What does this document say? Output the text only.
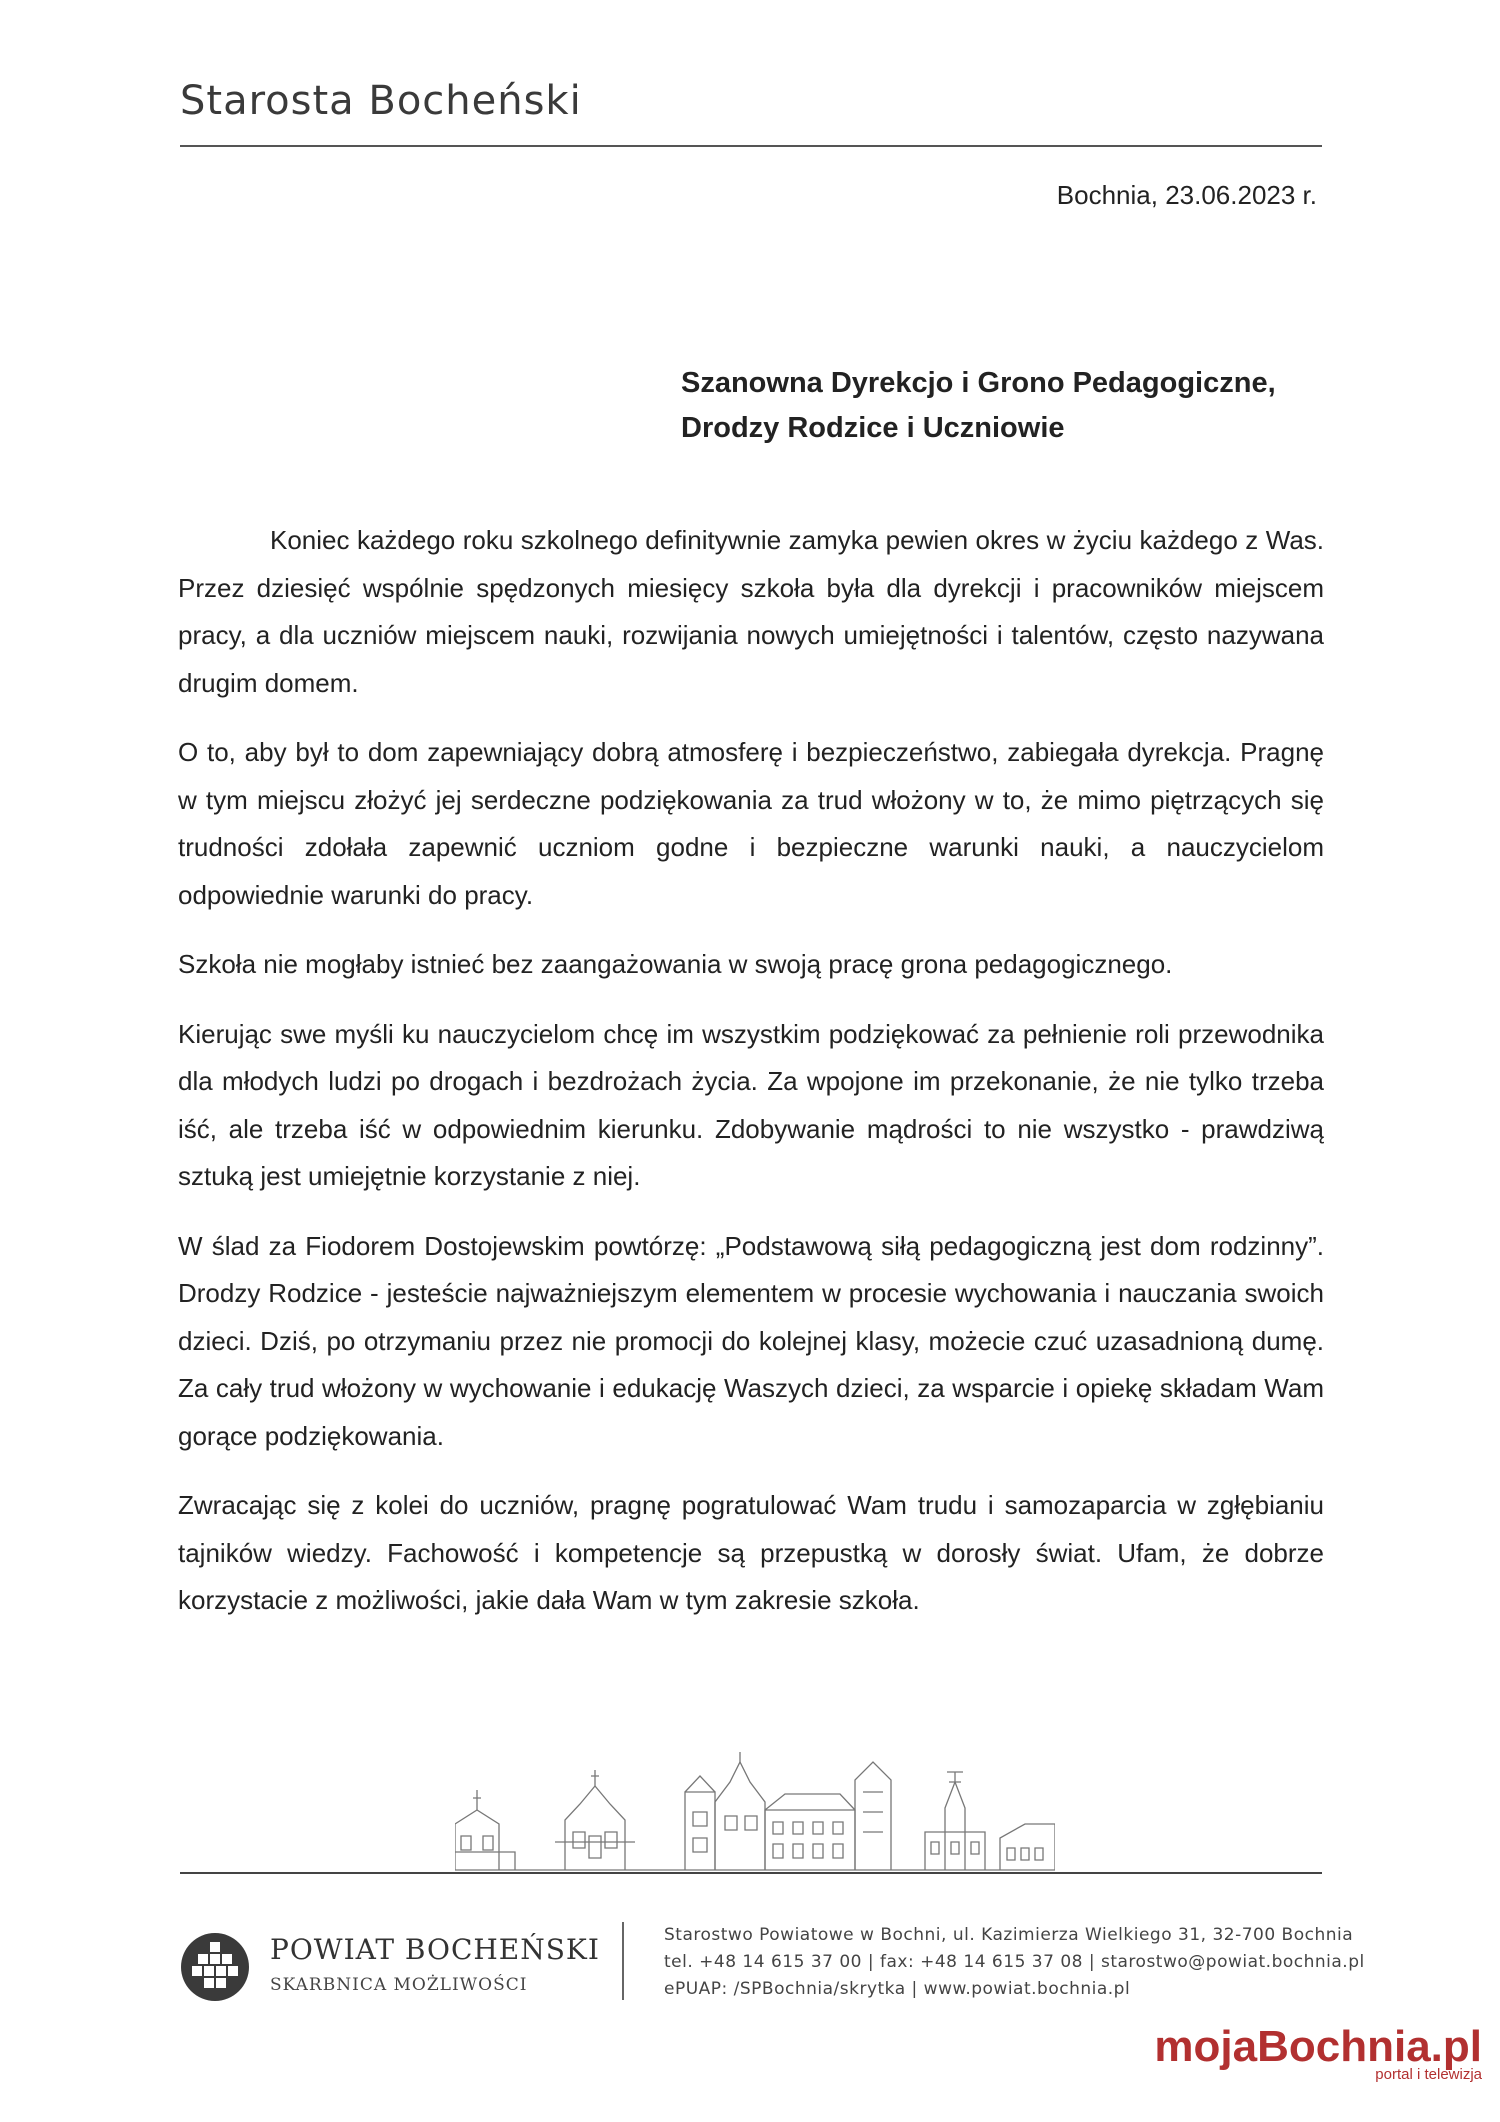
Starosta Bocheński
Bochnia, 23.06.2023 r.
Szanowna Dyrekcjo i Grono Pedagogiczne,
Drodzy Rodzice i Uczniowie

Koniec każdego roku szkolnego definitywnie zamyka pewien okres w życiu każdego z Was. Przez dziesięć wspólnie spędzonych miesięcy szkoła była dla dyrekcji i pracowników miejscem pracy, a dla uczniów miejscem nauki, rozwijania nowych umiejętności i talentów, często nazywana drugim domem.

O to, aby był to dom zapewniający dobrą atmosferę i bezpieczeństwo, zabiegała dyrekcja. Pragnę w tym miejscu złożyć jej serdeczne podziękowania za trud włożony w to, że mimo piętrzących się trudności zdołała zapewnić uczniom godne i bezpieczne warunki nauki, a nauczycielom odpowiednie warunki do pracy.

Szkoła nie mogłaby istnieć bez zaangażowania w swoją pracę grona pedagogicznego.

Kierując swe myśli ku nauczycielom chcę im wszystkim podziękować za pełnienie roli przewodnika dla młodych ludzi po drogach i bezdrożach życia. Za wpojone im przekonanie, że nie tylko trzeba iść, ale trzeba iść w odpowiednim kierunku. Zdobywanie mądrości to nie wszystko - prawdziwą sztuką jest umiejętnie korzystanie z niej.

W ślad za Fiodorem Dostojewskim powtórzę: „Podstawową siłą pedagogiczną jest dom rodzinny”. Drodzy Rodzice - jesteście najważniejszym elementem w procesie wychowania i nauczania swoich dzieci. Dziś, po otrzymaniu przez nie promocji do kolejnej klasy, możecie czuć uzasadnioną dumę. Za cały trud włożony w wychowanie i edukację Waszych dzieci, za wsparcie i opiekę składam Wam gorące podziękowania.

Zwracając się z kolei do uczniów, pragnę pogratulować Wam trudu i samozaparcia w zgłębianiu tajników wiedzy. Fachowość i kompetencje są przepustką w dorosły świat. Ufam, że dobrze korzystacie z możliwości, jakie dała Wam w tym zakresie szkoła.

POWIAT BOCHEŃSKI
SKARBNICA MOŻLIWOŚCI
Starostwo Powiatowe w Bochni, ul. Kazimierza Wielkiego 31, 32-700 Bochnia
tel. +48 14 615 37 00 | fax: +48 14 615 37 08 | starostwo@powiat.bochnia.pl
ePUAP: /SPBochnia/skrytka | www.powiat.bochnia.pl
mojaBochnia.pl
portal i telewizja
